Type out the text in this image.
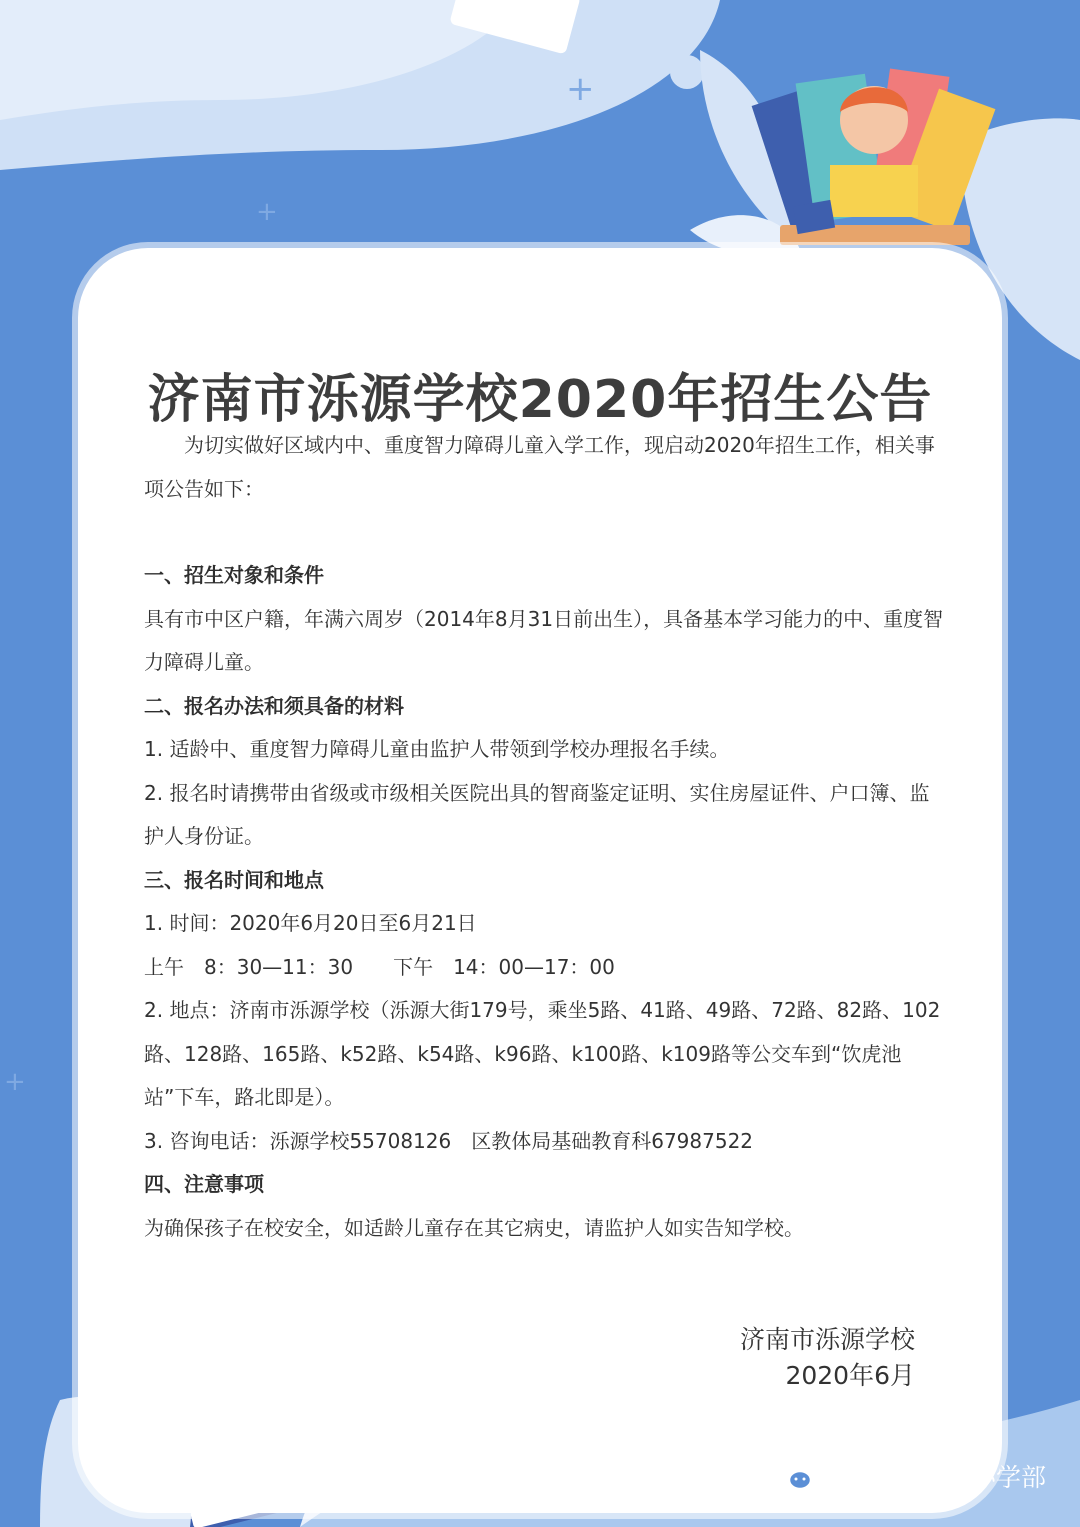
+
+
+
济南市泺源学校2020年招生公告

为切实做好区域内中、重度智力障碍儿童入学工作，现启动2020年招生工作，相关事项公告如下：

一、招生对象和条件

具有市中区户籍，年满六周岁（2014年8月31日前出生），具备基本学习能力的中、重度智力障碍儿童。

二、报名办法和须具备的材料

1. 适龄中、重度智力障碍儿童由监护人带领到学校办理报名手续。

2. 报名时请携带由省级或市级相关医院出具的智商鉴定证明、实住房屋证件、户口簿、监护人身份证。

三、报名时间和地点

1. 时间：2020年6月20日至6月21日

上午　8：30—11：30　　下午　14：00—17：00

2. 地点：济南市泺源学校（泺源大街179号，乘坐5路、41路、49路、72路、82路、102路、128路、165路、k52路、k54路、k96路、k100路、k109路等公交车到“饮虎池站”下车，路北即是）。

3. 咨询电话：泺源学校55708126　区教体局基础教育科67987522

四、注意事项

为确保孩子在校安全，如适龄儿童存在其它病史，请监护人如实告知学校。

济南市泺源学校
2020年6月
济南育秀中学小学部
